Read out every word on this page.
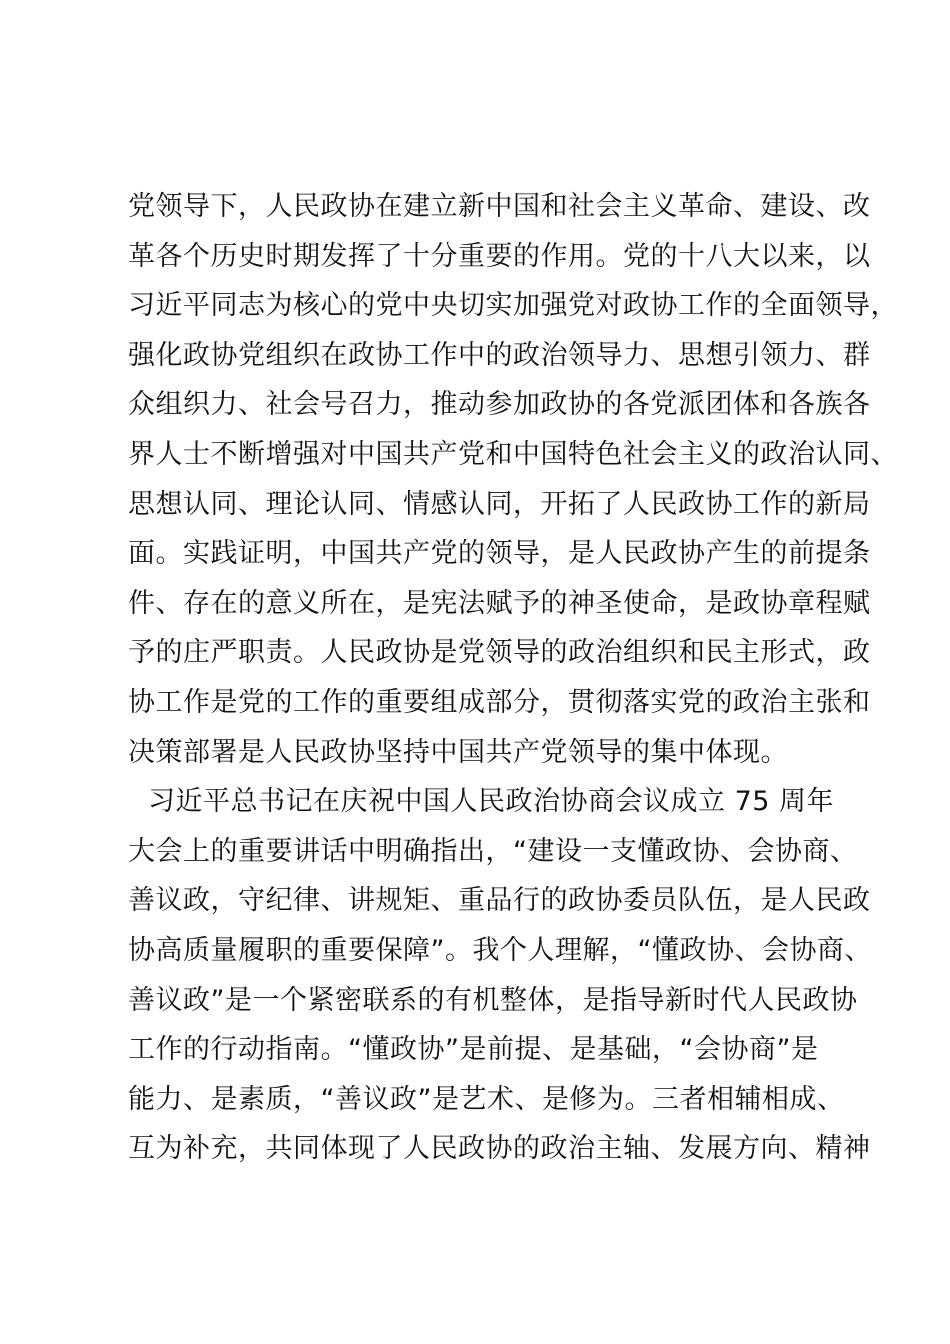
党领导下，人民政协在建立新中国和社会主义革命、建设、改
革各个历史时期发挥了十分重要的作用。党的十八大以来，以
习近平同志为核心的党中央切实加强党对政协工作的全面领导，
强化政协党组织在政协工作中的政治领导力、思想引领力、群
众组织力、社会号召力，推动参加政协的各党派团体和各族各
界人士不断增强对中国共产党和中国特色社会主义的政治认同、
思想认同、理论认同、情感认同，开拓了人民政协工作的新局
面。实践证明，中国共产党的领导，是人民政协产生的前提条
件、存在的意义所在，是宪法赋予的神圣使命，是政协章程赋
予的庄严职责。人民政协是党领导的政治组织和民主形式，政
协工作是党的工作的重要组成部分，贯彻落实党的政治主张和
决策部署是人民政协坚持中国共产党领导的集中体现。
习近平总书记在庆祝中国人民政治协商会议成立 75 周年
大会上的重要讲话中明确指出，“建设一支懂政协、会协商、
善议政，守纪律、讲规矩、重品行的政协委员队伍，是人民政
协高质量履职的重要保障”。我个人理解，“懂政协、会协商、
善议政”是一个紧密联系的有机整体，是指导新时代人民政协
工作的行动指南。“懂政协”是前提、是基础，“会协商”是
能力、是素质，“善议政”是艺术、是修为。三者相辅相成、
互为补充，共同体现了人民政协的政治主轴、发展方向、精神
